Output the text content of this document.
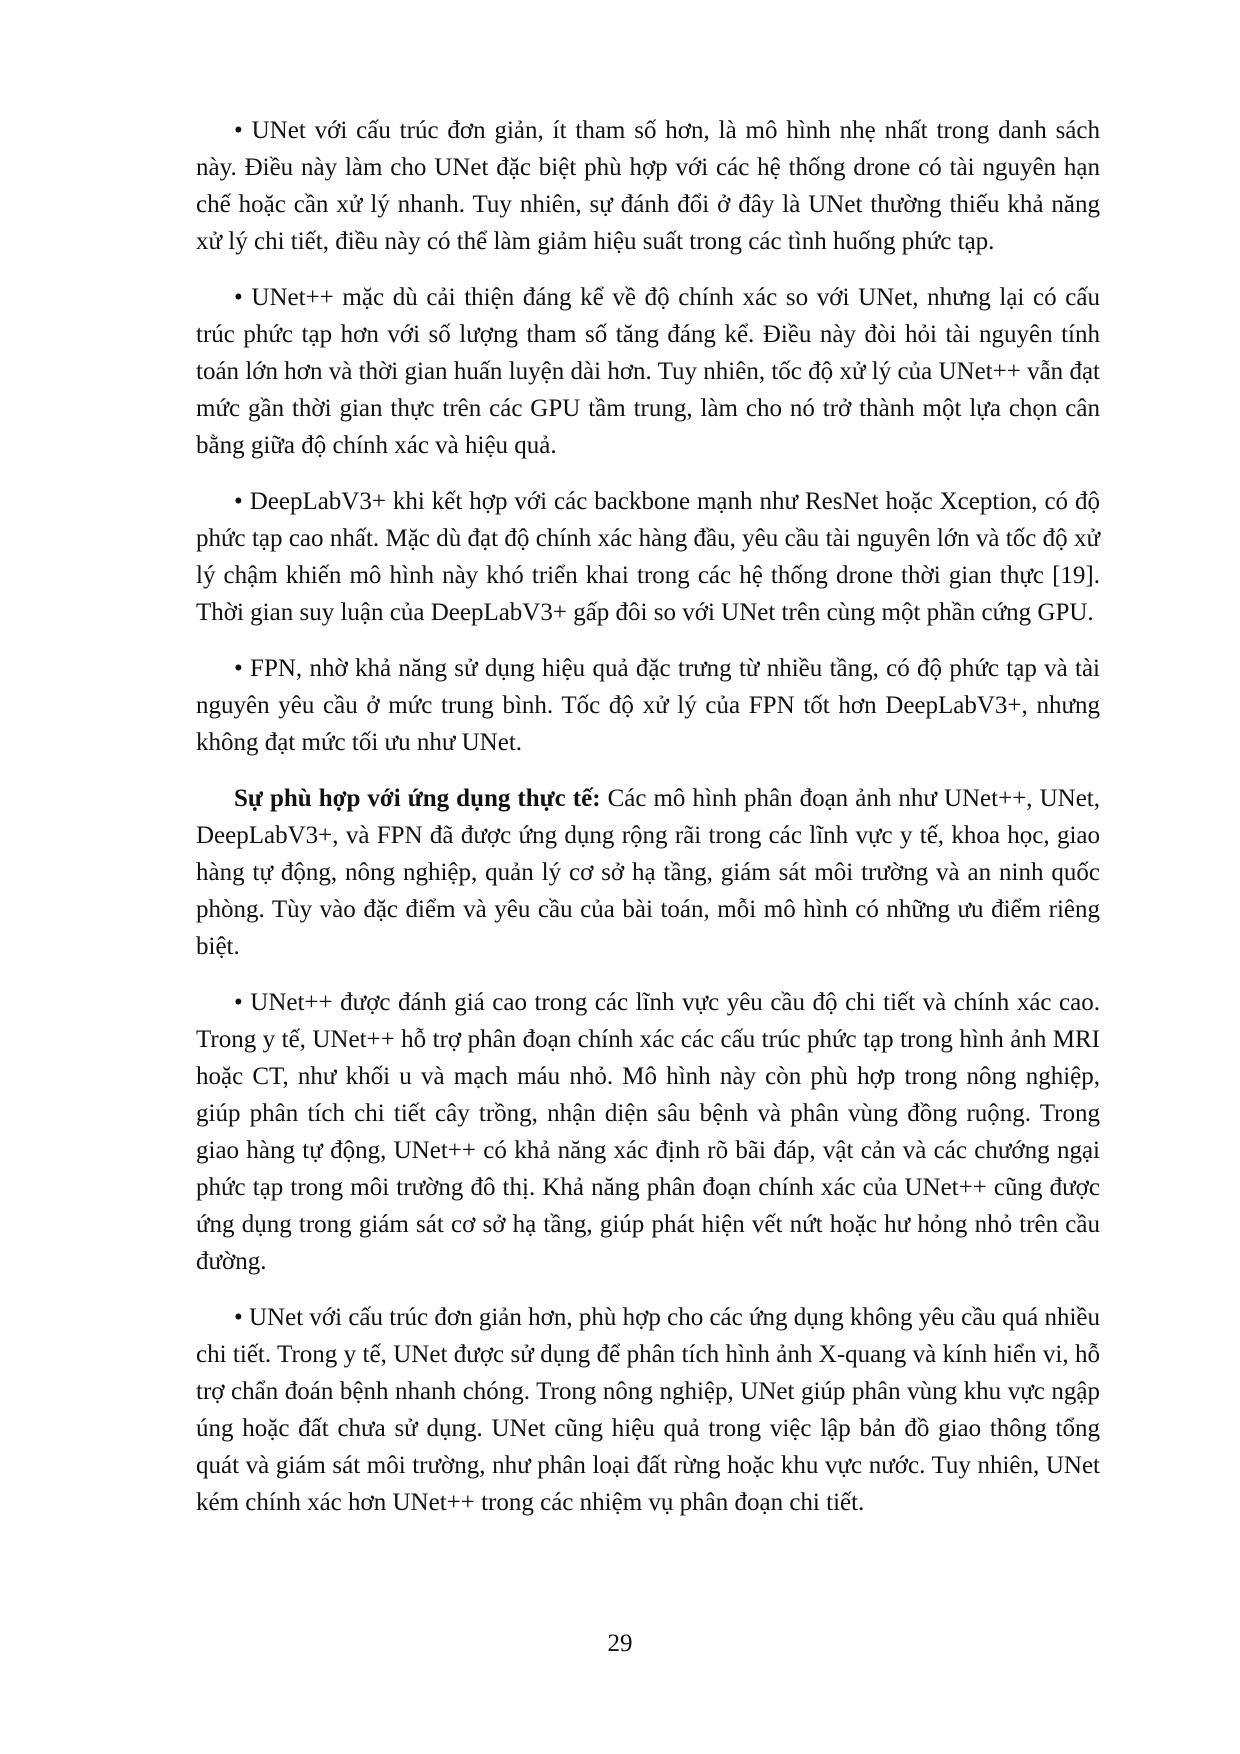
• UNet với cấu trúc đơn giản, ít tham số hơn, là mô hình nhẹ nhất trong danh sách này. Điều này làm cho UNet đặc biệt phù hợp với các hệ thống drone có tài nguyên hạn chế hoặc cần xử lý nhanh. Tuy nhiên, sự đánh đổi ở đây là UNet thường thiếu khả năng xử lý chi tiết, điều này có thể làm giảm hiệu suất trong các tình huống phức tạp.

• UNet++ mặc dù cải thiện đáng kể về độ chính xác so với UNet, nhưng lại có cấu trúc phức tạp hơn với số lượng tham số tăng đáng kể. Điều này đòi hỏi tài nguyên tính toán lớn hơn và thời gian huấn luyện dài hơn. Tuy nhiên, tốc độ xử lý của UNet++ vẫn đạt mức gần thời gian thực trên các GPU tầm trung, làm cho nó trở thành một lựa chọn cân bằng giữa độ chính xác và hiệu quả.

• DeepLabV3+ khi kết hợp với các backbone mạnh như ResNet hoặc Xception, có độ phức tạp cao nhất. Mặc dù đạt độ chính xác hàng đầu, yêu cầu tài nguyên lớn và tốc độ xử lý chậm khiến mô hình này khó triển khai trong các hệ thống drone thời gian thực [19]. Thời gian suy luận của DeepLabV3+ gấp đôi so với UNet trên cùng một phần cứng GPU.

• FPN, nhờ khả năng sử dụng hiệu quả đặc trưng từ nhiều tầng, có độ phức tạp và tài nguyên yêu cầu ở mức trung bình. Tốc độ xử lý của FPN tốt hơn DeepLabV3+, nhưng không đạt mức tối ưu như UNet.

Sự phù hợp với ứng dụng thực tế: Các mô hình phân đoạn ảnh như UNet++, UNet, DeepLabV3+, và FPN đã được ứng dụng rộng rãi trong các lĩnh vực y tế, khoa học, giao hàng tự động, nông nghiệp, quản lý cơ sở hạ tầng, giám sát môi trường và an ninh quốc phòng. Tùy vào đặc điểm và yêu cầu của bài toán, mỗi mô hình có những ưu điểm riêng biệt.

• UNet++ được đánh giá cao trong các lĩnh vực yêu cầu độ chi tiết và chính xác cao. Trong y tế, UNet++ hỗ trợ phân đoạn chính xác các cấu trúc phức tạp trong hình ảnh MRI hoặc CT, như khối u và mạch máu nhỏ. Mô hình này còn phù hợp trong nông nghiệp, giúp phân tích chi tiết cây trồng, nhận diện sâu bệnh và phân vùng đồng ruộng. Trong giao hàng tự động, UNet++ có khả năng xác định rõ bãi đáp, vật cản và các chướng ngại phức tạp trong môi trường đô thị. Khả năng phân đoạn chính xác của UNet++ cũng được ứng dụng trong giám sát cơ sở hạ tầng, giúp phát hiện vết nứt hoặc hư hỏng nhỏ trên cầu đường.

• UNet với cấu trúc đơn giản hơn, phù hợp cho các ứng dụng không yêu cầu quá nhiều chi tiết. Trong y tế, UNet được sử dụng để phân tích hình ảnh X-quang và kính hiển vi, hỗ trợ chẩn đoán bệnh nhanh chóng. Trong nông nghiệp, UNet giúp phân vùng khu vực ngập úng hoặc đất chưa sử dụng. UNet cũng hiệu quả trong việc lập bản đồ giao thông tổng quát và giám sát môi trường, như phân loại đất rừng hoặc khu vực nước. Tuy nhiên, UNet kém chính xác hơn UNet++ trong các nhiệm vụ phân đoạn chi tiết.

29
